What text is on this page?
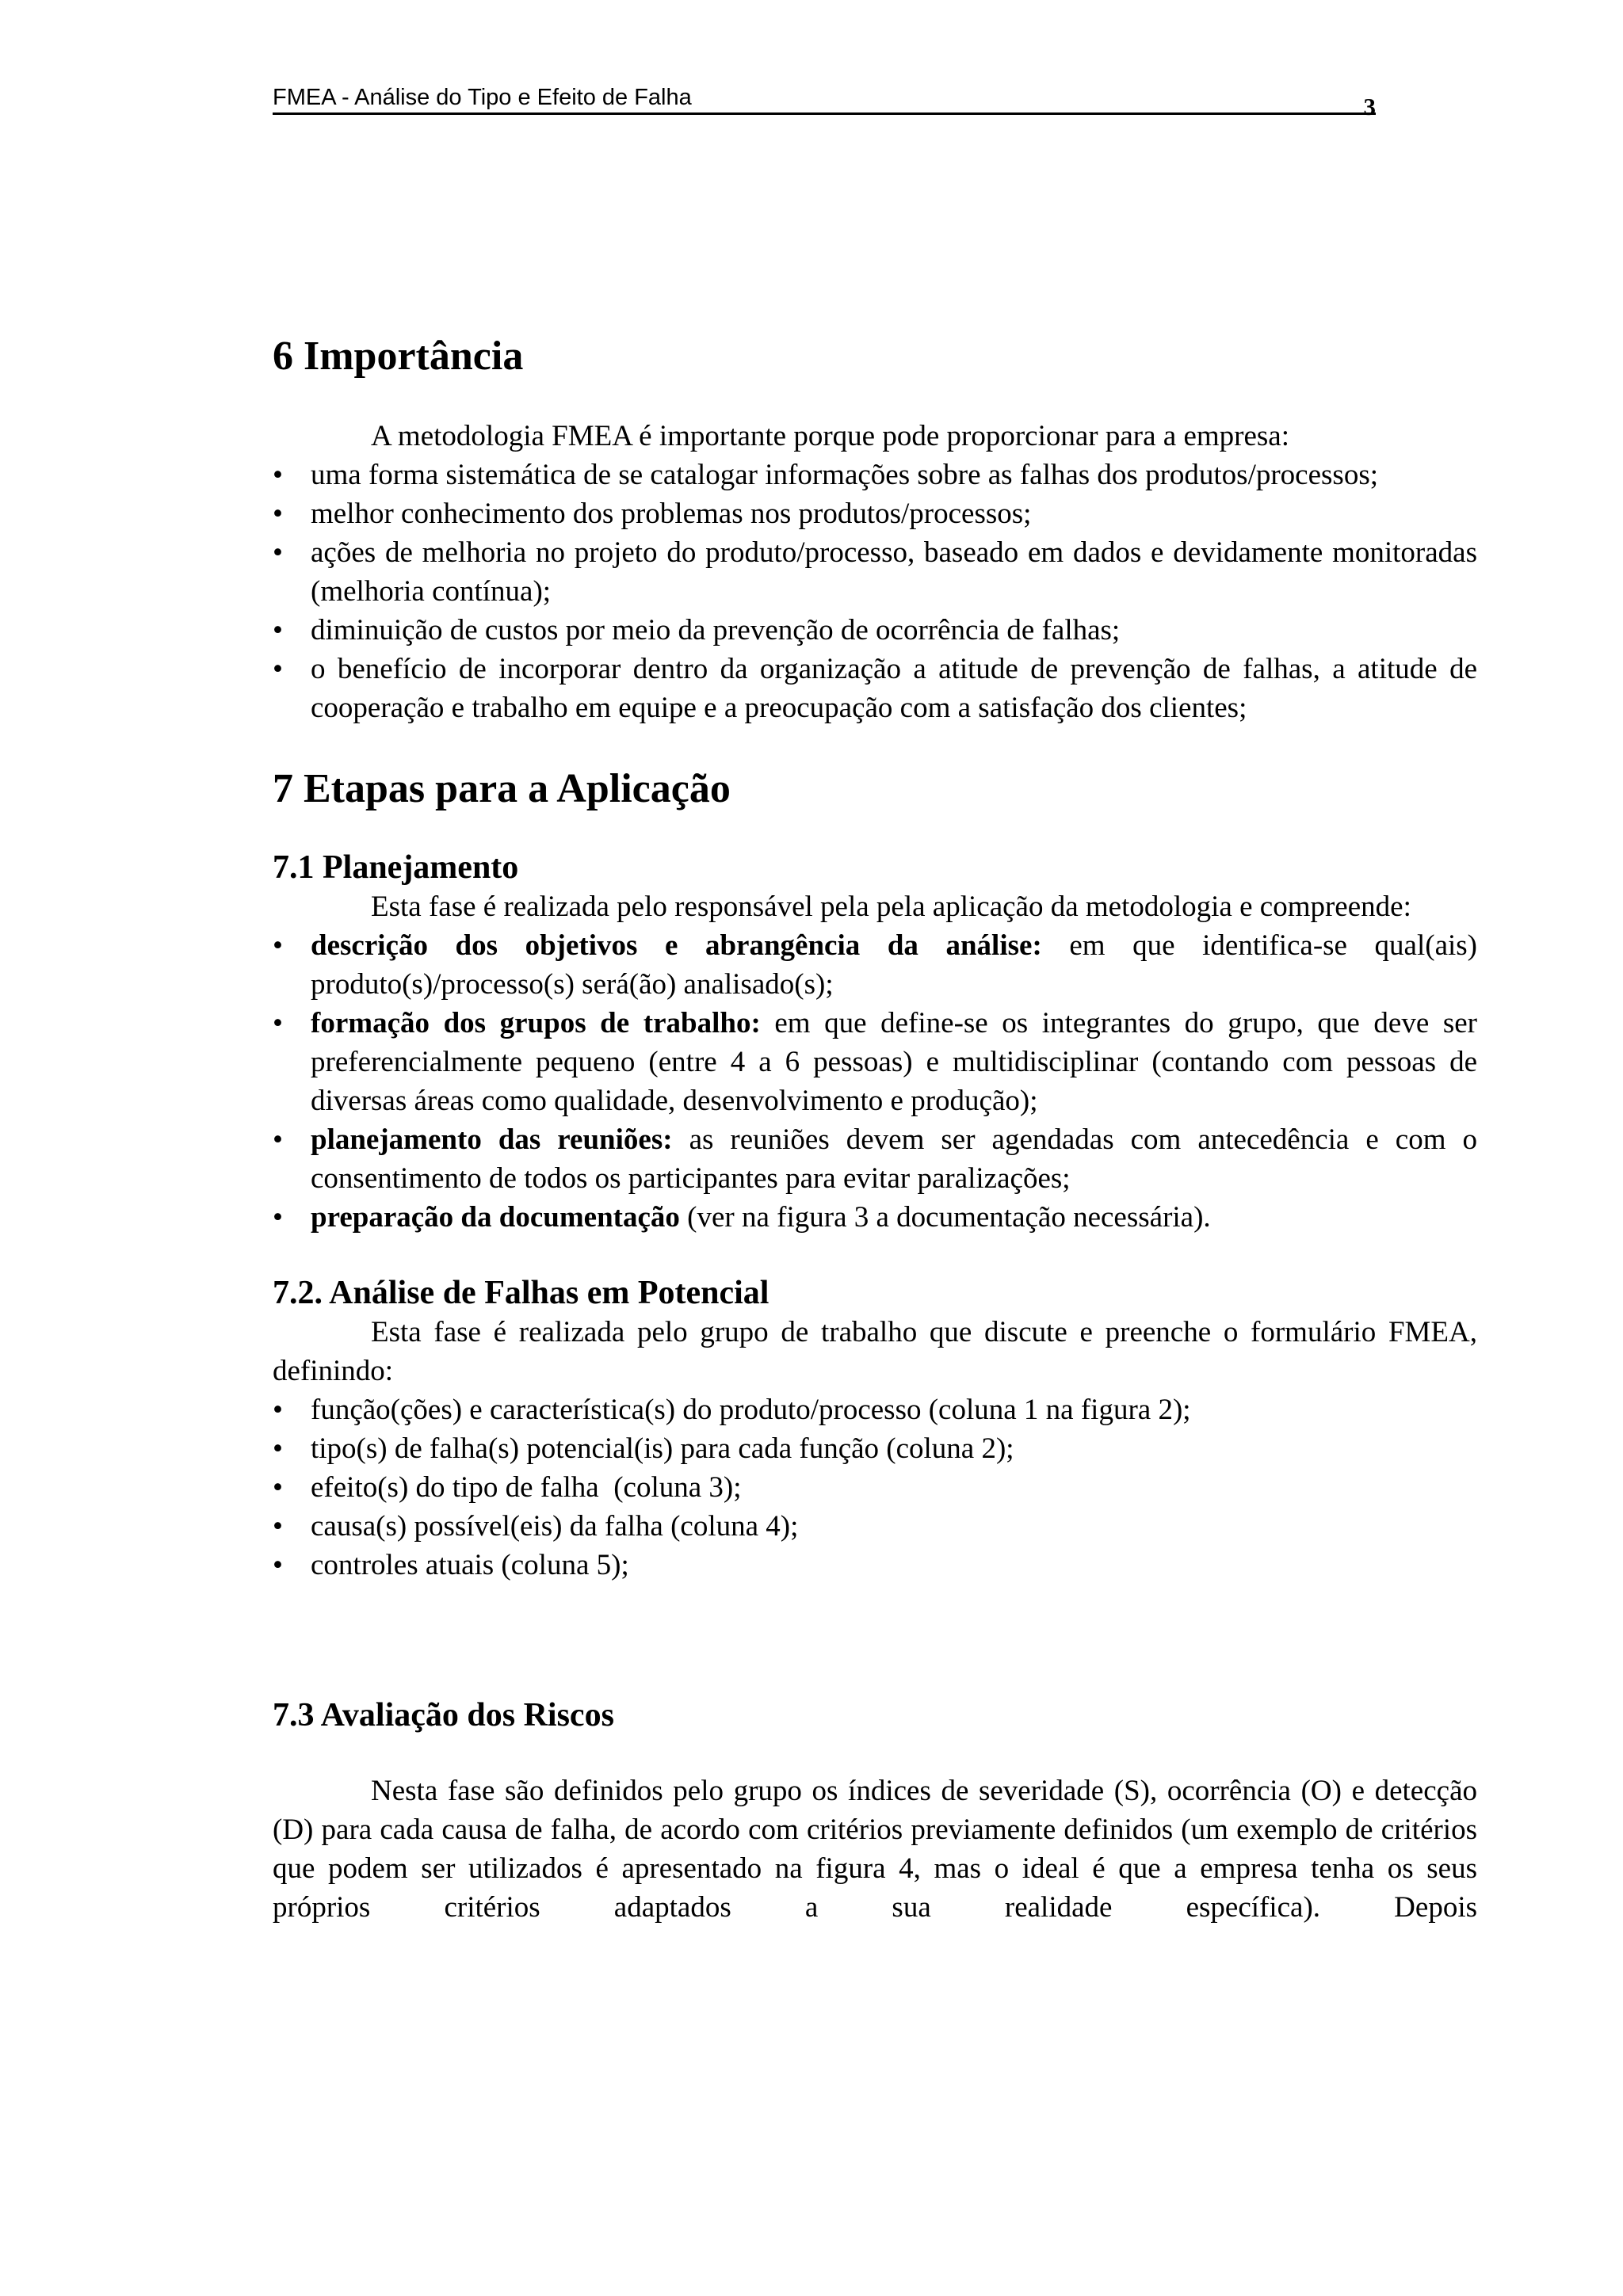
FMEA - Análise do Tipo e Efeito de Falha	3
6 Importância

A metodologia FMEA é importante porque pode proporcionar para a empresa:

• uma forma sistemática de se catalogar informações sobre as falhas dos produtos/processos;
• melhor conhecimento dos problemas nos produtos/processos;
• ações de melhoria no projeto do produto/processo, baseado em dados e devidamente monitoradas (melhoria contínua);
• diminuição de custos por meio da prevenção de ocorrência de falhas;
• o benefício de incorporar dentro da organização a atitude de prevenção de falhas, a atitude de cooperação e trabalho em equipe e a preocupação com a satisfação dos clientes;
7 Etapas para a Aplicação
7.1 Planejamento

Esta fase é realizada pelo responsável pela pela aplicação da metodologia e compreende:

• descrição dos objetivos e abrangência da análise: em que identifica-se qual(ais) produto(s)/processo(s) será(ão) analisado(s);
• formação dos grupos de trabalho: em que define-se os integrantes do grupo, que deve ser preferencialmente pequeno (entre 4 a 6 pessoas) e multidisciplinar (contando com pessoas de diversas áreas como qualidade, desenvolvimento e produção);
• planejamento das reuniões: as reuniões devem ser agendadas com antecedência e com o consentimento de todos os participantes para evitar paralizações;
• preparação da documentação (ver na figura 3 a documentação necessária).
7.2. Análise de Falhas em Potencial

Esta fase é realizada pelo grupo de trabalho que discute e preenche o formulário FMEA, definindo:

• função(ções) e característica(s) do produto/processo (coluna 1 na figura 2);
• tipo(s) de falha(s) potencial(is) para cada função (coluna 2);
• efeito(s) do tipo de falha  (coluna 3);
• causa(s) possível(eis) da falha (coluna 4);
• controles atuais (coluna 5);
7.3 Avaliação dos Riscos

Nesta fase são definidos pelo grupo os índices de severidade (S), ocorrência (O) e detecção (D) para cada causa de falha, de acordo com critérios previamente definidos (um exemplo de critérios que podem ser utilizados é apresentado na figura 4, mas o ideal é que a empresa tenha os seus próprios critérios adaptados a sua realidade específica). Depois
